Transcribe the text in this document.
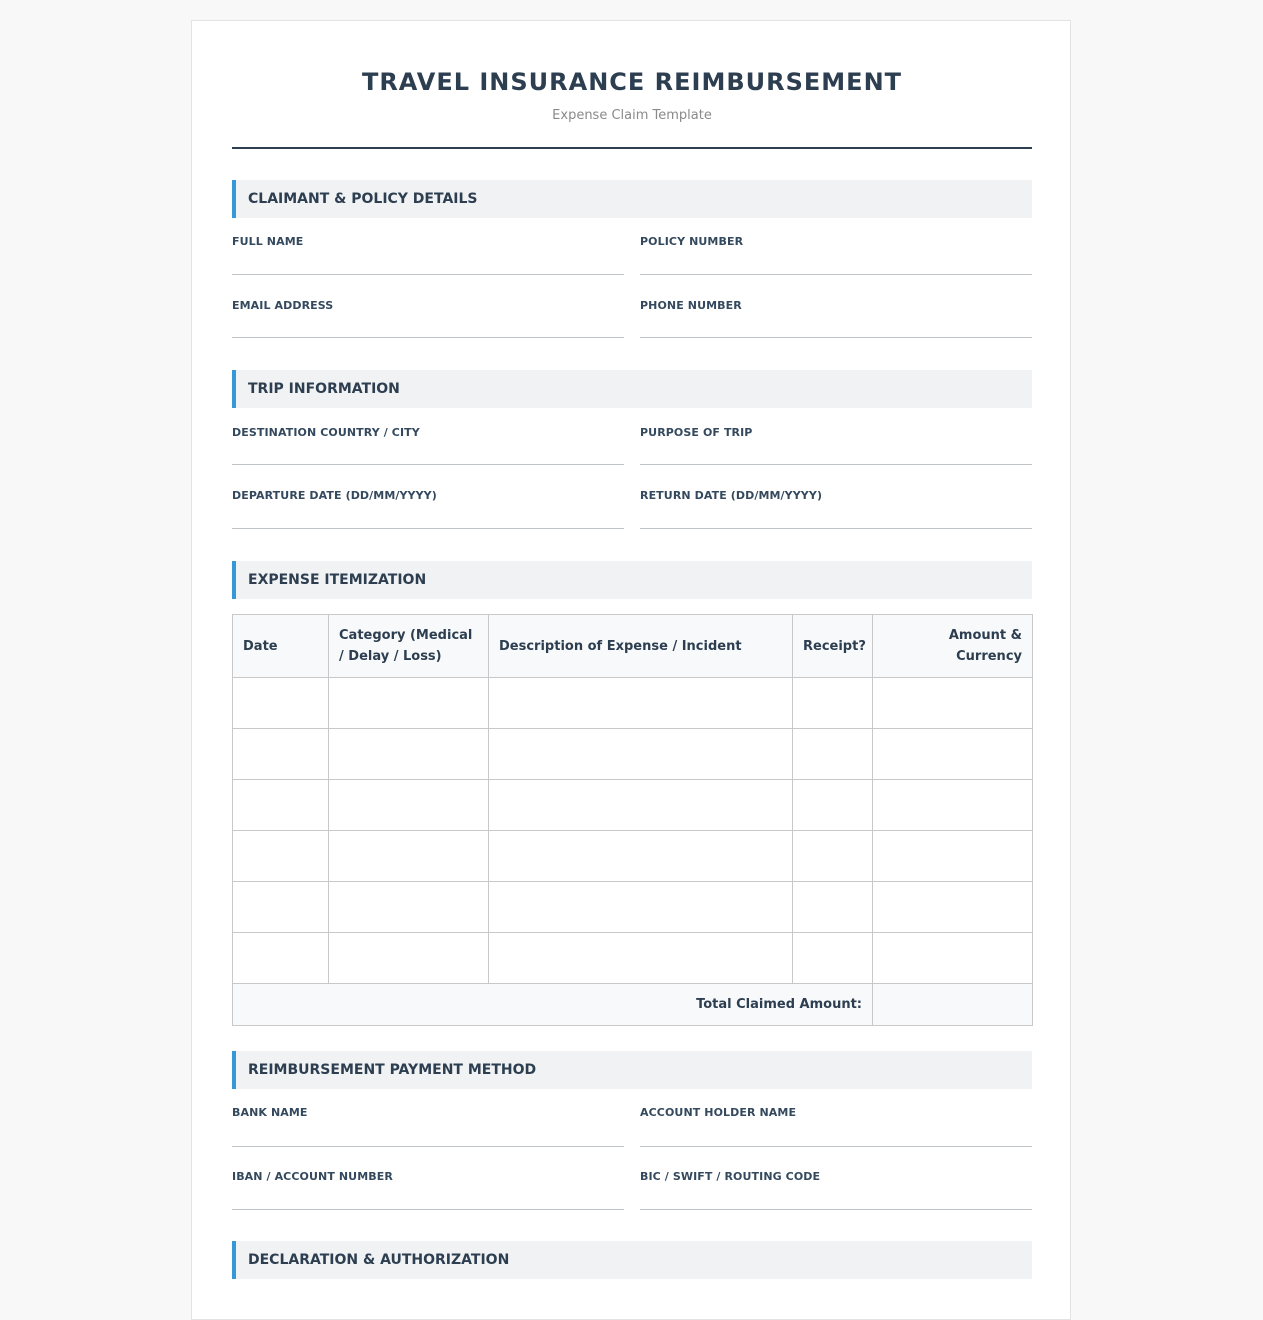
TRAVEL INSURANCE REIMBURSEMENT
Expense Claim Template
CLAIMANT & POLICY DETAILS
FULL NAME	POLICY NUMBER
EMAIL ADDRESS	PHONE NUMBER
TRIP INFORMATION
DESTINATION COUNTRY / CITY	PURPOSE OF TRIP
DEPARTURE DATE (DD/MM/YYYY)	RETURN DATE (DD/MM/YYYY)
EXPENSE ITEMIZATION
Date	Category (Medical / Delay / Loss)	Description of Expense / Incident	Receipt?	Amount & Currency

Total Claimed Amount:				
REIMBURSEMENT PAYMENT METHOD
BANK NAME	ACCOUNT HOLDER NAME
IBAN / ACCOUNT NUMBER	BIC / SWIFT / ROUTING CODE
DECLARATION & AUTHORIZATION
